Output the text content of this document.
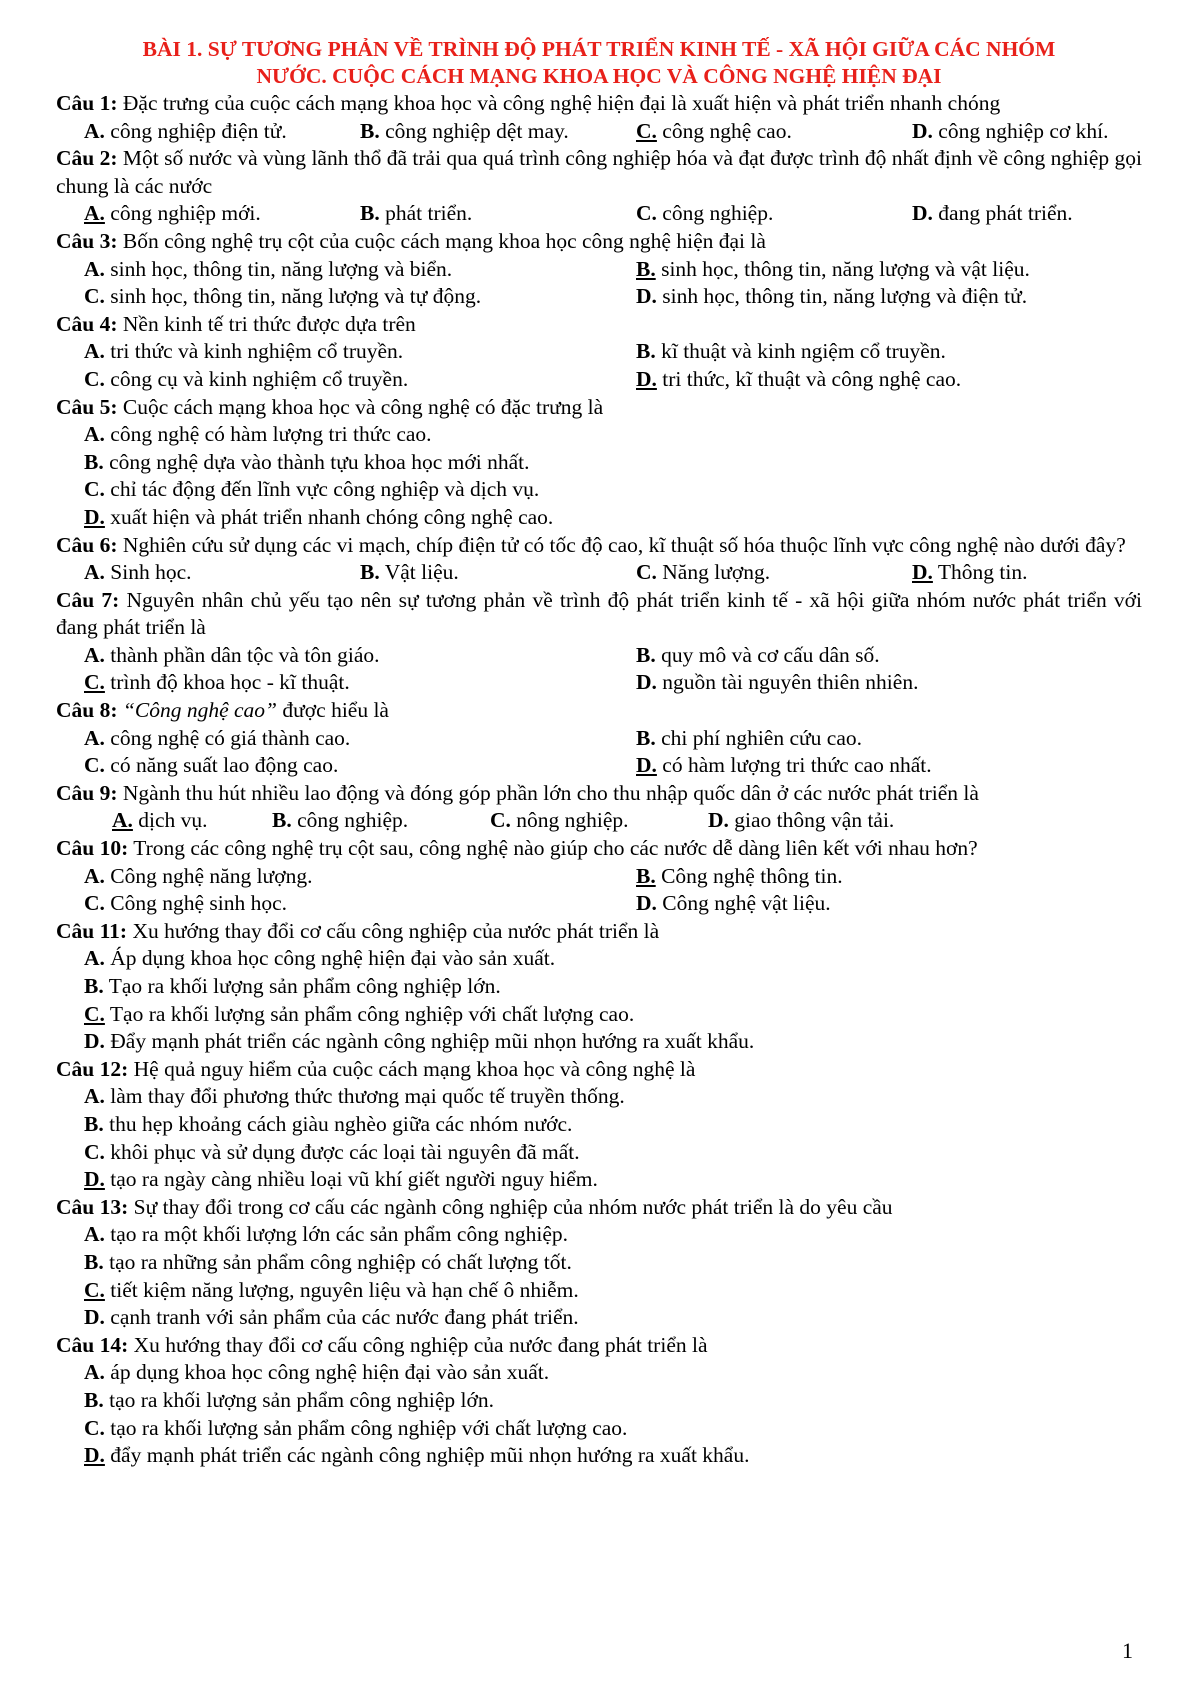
BÀI 1. SỰ TƯƠNG PHẢN VỀ TRÌNH ĐỘ PHÁT TRIỂN KINH TẾ - XÃ HỘI GIỮA CÁC NHÓM
NƯỚC. CUỘC CÁCH MẠNG KHOA HỌC VÀ CÔNG NGHỆ HIỆN ĐẠI
Câu 1: Đặc trưng của cuộc cách mạng khoa học và công nghệ hiện đại là xuất hiện và phát triển nhanh chóng
A. công nghiệp điện tử.	B. công nghiệp dệt may.	C. công nghệ cao.	D. công nghiệp cơ khí.
Câu 2: Một số nước và vùng lãnh thổ đã trải qua quá trình công nghiệp hóa và đạt được trình độ nhất định về công nghiệp gọi chung là các nước
A. công nghiệp mới.	B. phát triển.	C. công nghiệp.	D. đang phát triển.
Câu 3: Bốn công nghệ trụ cột của cuộc cách mạng khoa học công nghệ hiện đại là
A. sinh học, thông tin, năng lượng và biển.	B. sinh học, thông tin, năng lượng và vật liệu.
C. sinh học, thông tin, năng lượng và tự động.	D. sinh học, thông tin, năng lượng và điện tử.
Câu 4: Nền kinh tế tri thức được dựa trên
A. tri thức và kinh nghiệm cổ truyền.	B. kĩ thuật và kinh ngiệm cổ truyền.
C. công cụ và kinh nghiệm cổ truyền.	D. tri thức, kĩ thuật và công nghệ cao.
Câu 5: Cuộc cách mạng khoa học và công nghệ có đặc trưng là
A. công nghệ có hàm lượng tri thức cao.
B. công nghệ dựa vào thành tựu khoa học mới nhất.
C. chỉ tác động đến lĩnh vực công nghiệp và dịch vụ.
D. xuất hiện và phát triển nhanh chóng công nghệ cao.
Câu 6: Nghiên cứu sử dụng các vi mạch, chíp điện tử có tốc độ cao, kĩ thuật số hóa thuộc lĩnh vực công nghệ nào dưới đây?
A. Sinh học.	B. Vật liệu.	C. Năng lượng.	D. Thông tin.
Câu 7: Nguyên nhân chủ yếu tạo nên sự tương phản về trình độ phát triển kinh tế - xã hội giữa nhóm nước phát triển với đang phát triển là
A. thành phần dân tộc và tôn giáo.	B. quy mô và cơ cấu dân số.
C. trình độ khoa học - kĩ thuật.	D. nguồn tài nguyên thiên nhiên.
Câu 8: “Công nghệ cao” được hiểu là
A. công nghệ có giá thành cao.	B. chi phí nghiên cứu cao.
C. có năng suất lao động cao.	D. có hàm lượng tri thức cao nhất.
Câu 9: Ngành thu hút nhiều lao động và đóng góp phần lớn cho thu nhập quốc dân ở các nước phát triển là
A. dịch vụ.	B. công nghiệp.	C. nông nghiệp.	D. giao thông vận tải.
Câu 10: Trong các công nghệ trụ cột sau, công nghệ nào giúp cho các nước dễ dàng liên kết với nhau hơn?
A. Công nghệ năng lượng.	B. Công nghệ thông tin.
C. Công nghệ sinh học.	D. Công nghệ vật liệu.
Câu 11: Xu hướng thay đổi cơ cấu công nghiệp của nước phát triển là
A. Áp dụng khoa học công nghệ hiện đại vào sản xuất.
B. Tạo ra khối lượng sản phẩm công nghiệp lớn.
C. Tạo ra khối lượng sản phẩm công nghiệp với chất lượng cao.
D. Đẩy mạnh phát triển các ngành công nghiệp mũi nhọn hướng ra xuất khẩu.
Câu 12: Hệ quả nguy hiểm của cuộc cách mạng khoa học và công nghệ là
A. làm thay đổi phương thức thương mại quốc tế truyền thống.
B. thu hẹp khoảng cách giàu nghèo giữa các nhóm nước.
C. khôi phục và sử dụng được các loại tài nguyên đã mất.
D. tạo ra ngày càng nhiều loại vũ khí giết người nguy hiểm.
Câu 13: Sự thay đổi trong cơ cấu các ngành công nghiệp của nhóm nước phát triển là do yêu cầu
A. tạo ra một khối lượng lớn các sản phẩm công nghiệp.
B. tạo ra những sản phẩm công nghiệp có chất lượng tốt.
C. tiết kiệm năng lượng, nguyên liệu và hạn chế ô nhiễm.
D. cạnh tranh với sản phẩm của các nước đang phát triển.
Câu 14: Xu hướng thay đổi cơ cấu công nghiệp của nước đang phát triển là
A. áp dụng khoa học công nghệ hiện đại vào sản xuất.
B. tạo ra khối lượng sản phẩm công nghiệp lớn.
C. tạo ra khối lượng sản phẩm công nghiệp với chất lượng cao.
D. đẩy mạnh phát triển các ngành công nghiệp mũi nhọn hướng ra xuất khẩu.
1
